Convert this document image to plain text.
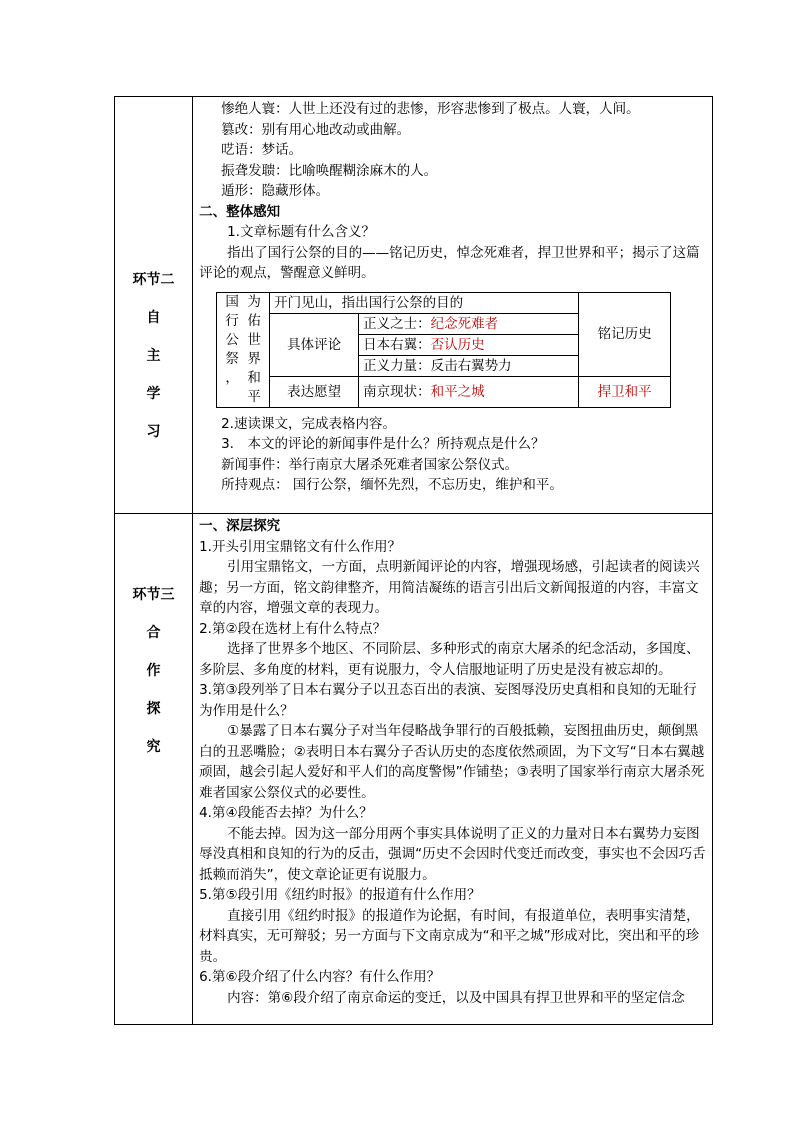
环节二
自
主
学
习

惨绝人寰：人世上还没有过的悲惨，形容悲惨到了极点。人寰，人间。
篡改：别有用心地改动或曲解。
呓语：梦话。
振聋发聩：比喻唤醒糊涂麻木的人。
遁形：隐藏形体。
二、整体感知
1.文章标题有什么含义？
指出了国行公祭的目的——铭记历史，悼念死难者，捍卫世界和平；揭示了这篇评论的观点，警醒意义鲜明。
国
行
公
祭
，
为
佑
世
界
和
平
	开门见山，指出国行公祭的目的	铭记历史
具体评论	正义之士：纪念死难者
日本右翼：否认历史
正义力量：反击右翼势力
表达愿望	南京现状：和平之城	捍卫和平
2.速读课文，完成表格内容。
3.　本文的评论的新闻事件是什么？所持观点是什么？
新闻事件：举行南京大屠杀死难者国家公祭仪式。
所持观点： 国行公祭，缅怀先烈，不忘历史，维护和平。

环节三
合
作
探
究

一、深层探究
1.开头引用宝鼎铭文有什么作用？
引用宝鼎铭文，一方面，点明新闻评论的内容，增强现场感，引起读者的阅读兴趣；另一方面，铭文韵律整齐，用简洁凝练的语言引出后文新闻报道的内容，丰富文章的内容，增强文章的表现力。
2.第②段在选材上有什么特点？
选择了世界多个地区、不同阶层、多种形式的南京大屠杀的纪念活动，多国度、多阶层、多角度的材料，更有说服力，令人信服地证明了历史是没有被忘却的。
3.第③段列举了日本右翼分子以丑态百出的表演、妄图辱没历史真相和良知的无耻行为作用是什么？
①暴露了日本右翼分子对当年侵略战争罪行的百般抵赖，妄图扭曲历史，颠倒黑白的丑恶嘴脸；②表明日本右翼分子否认历史的态度依然顽固，为下文写“日本右翼越顽固，越会引起人爱好和平人们的高度警惕”作铺垫；③表明了国家举行南京大屠杀死难者国家公祭仪式的必要性。
4.第④段能否去掉？为什么？
不能去掉。因为这一部分用两个事实具体说明了正义的力量对日本右翼势力妄图辱没真相和良知的行为的反击，强调“历史不会因时代变迁而改变，事实也不会因巧舌抵赖而消失”，使文章论证更有说服力。
5.第⑤段引用《纽约时报》的报道有什么作用？
直接引用《纽约时报》的报道作为论据，有时间，有报道单位，表明事实清楚，材料真实，无可辩驳；另一方面与下文南京成为“和平之城”形成对比，突出和平的珍贵。
6.第⑥段介绍了什么内容？有什么作用？
内容：第⑥段介绍了南京命运的变迁，以及中国具有捍卫世界和平的坚定信念
